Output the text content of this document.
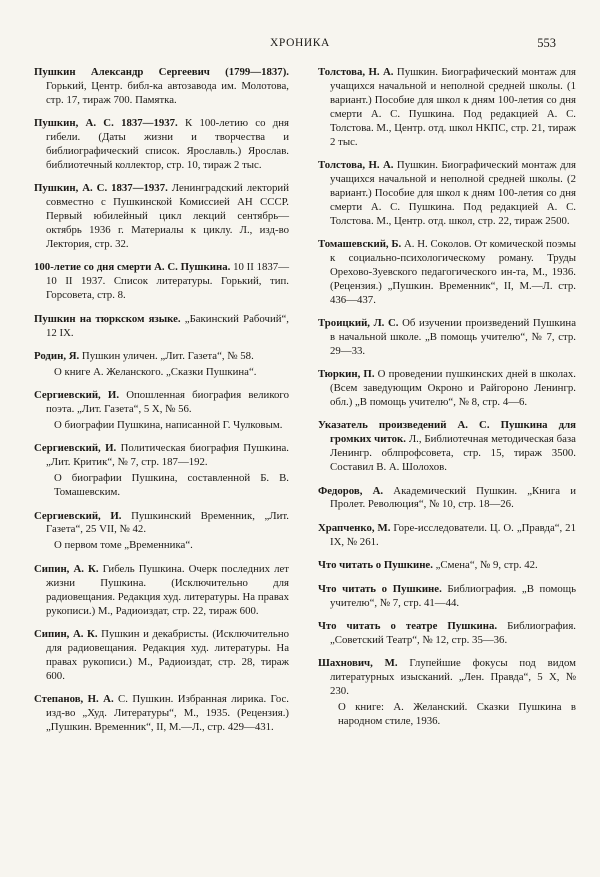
ХРОНИКА	553
Пушкин Александр Сергеевич (1799—1837). Горький, Центр. библ-ка автозавода им. Молотова, стр. 17, тираж 700. Памятка.
Пушкин, А. С. 1837—1937. К 100-летию со дня гибели. (Даты жизни и творчества и библиографический список. Ярославль.) Ярослав. библиотечный коллектор, стр. 10, тираж 2 тыс.
Пушкин, А. С. 1837—1937. Ленинградский лекторий совместно с Пушкинской Комиссией АН СССР. Первый юбилейный цикл лекций сентябрь—октябрь 1936 г. Материалы к циклу. Л., изд-во Лектория, стр. 32.
100-летие со дня смерти А. С. Пушкина. 10 II 1837—10 II 1937. Список литературы. Горький, тип. Горсовета, стр. 8.
Пушкин на тюркском языке. „Бакинский Рабочий“, 12 IX.
Родин, Я. Пушкин уличен. „Лит. Газета“, № 58.
О книге А. Желанского. „Сказки Пушкина“.
Сергиевский, И. Опошленная биография великого поэта. „Лит. Газета“, 5 X, № 56.
О биографии Пушкина, написанной Г. Чулковым.
Сергиевский, И. Политическая биография Пушкина. „Лит. Критик“, № 7, стр. 187—192.
О биографии Пушкина, составленной Б. В. Томашевским.
Сергиевский, И. Пушкинский Временник, „Лит. Газета“, 25 VII, № 42.
О первом томе „Временника“.
Сипин, А. К. Гибель Пушкина. Очерк последних лет жизни Пушкина. (Исключительно для радиовещания. Редакция худ. литературы. На правах рукописи.) М., Радиоиздат, стр. 22, тираж 600.
Сипин, А. К. Пушкин и декабристы. (Исключительно для радиовещания. Редакция худ. литературы. На правах рукописи.) М., Радиоиздат, стр. 28, тираж 600.
Степанов, Н. А. С. Пушкин. Избранная лирика. Гос. изд-во „Худ. Литературы“, М., 1935. (Рецензия.) „Пушкин. Временник“, II, М.—Л., стр. 429—431.
Толстова, Н. А. Пушкин. Биографический монтаж для учащихся начальной и неполной средней школы. (1 вариант.) Пособие для школ к дням 100-летия со дня смерти А. С. Пушкина. Под редакцией А. С. Толстова. М., Центр. отд. школ НКПС, стр. 21, тираж 2 тыс.
Толстова, Н. А. Пушкин. Биографический монтаж для учащихся начальной и неполной средней школы. (2 вариант.) Пособие для школ к дням 100-летия со дня смерти А. С. Пушкина. Под редакцией А. С. Толстова. М., Центр. отд. школ, стр. 22, тираж 2500.
Томашевский, Б. А. Н. Соколов. От комической поэмы к социально-психологическому роману. Труды Орехово-Зуевского педагогического ин-та, М., 1936. (Рецензия.) „Пушкин. Временник“, II, М.—Л. стр. 436—437.
Троицкий, Л. С. Об изучении произведений Пушкина в начальной школе. „В помощь учителю“, № 7, стр. 29—33.
Тюркин, П. О проведении пушкинских дней в школах. (Всем заведующим Окроно и Райгороно Ленингр. обл.) „В помощь учителю“, № 8, стр. 4—6.
Указатель произведений А. С. Пушкина для громких читок. Л., Библиотечная методическая база Ленингр. облпрофсовета, стр. 15, тираж 3500. Составил В. А. Шолохов.
Федоров, А. Академический Пушкин. „Книга и Пролет. Революция“, № 10, стр. 18—26.
Храпченко, М. Горе-исследователи. Ц. О. „Правда“, 21 IX, № 261.
Что читать о Пушкине. „Смена“, № 9, стр. 42.
Что читать о Пушкине. Библиография. „В помощь учителю“, № 7, стр. 41—44.
Что читать о театре Пушкина. Библиография. „Советский Театр“, № 12, стр. 35—36.
Шахнович, М. Глупейшие фокусы под видом литературных изысканий. „Лен. Правда“, 5 X, № 230.
О книге: А. Желанский. Сказки Пушкина в народном стиле, 1936.
